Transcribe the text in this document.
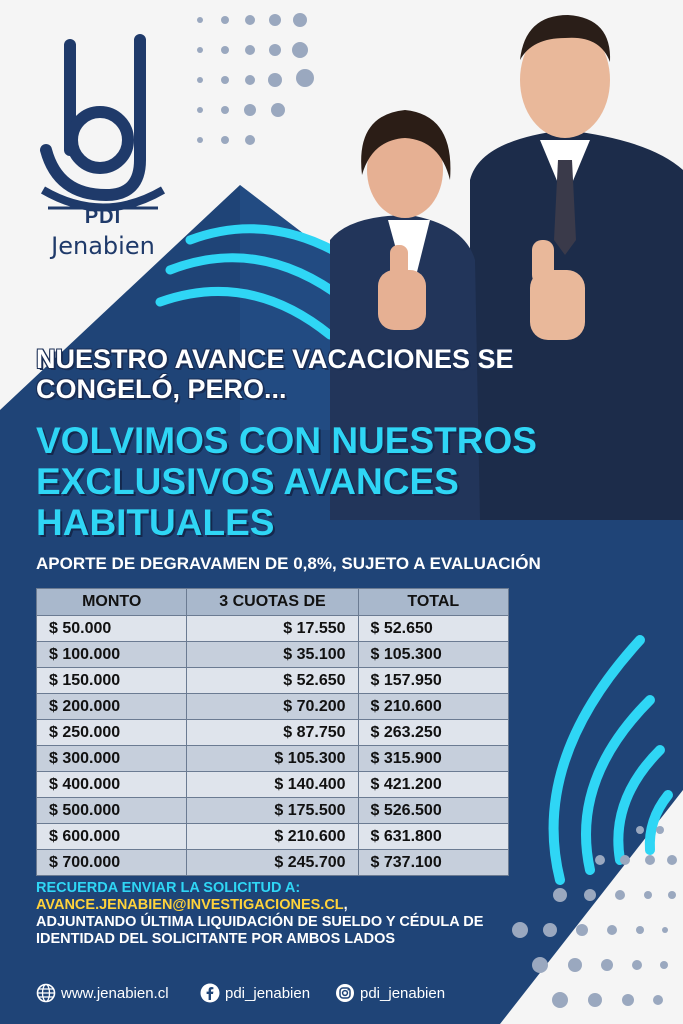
PDI
Jenabien
NUESTRO AVANCE VACACIONES SE CONGELÓ, PERO...
VOLVIMOS CON NUESTROS EXCLUSIVOS AVANCES HABITUALES
APORTE DE DEGRAVAMEN DE 0,8%, SUJETO A EVALUACIÓN
MONTO	3 CUOTAS DE	TOTAL
$ 50.000	$ 17.550	$ 52.650
$ 100.000	$ 35.100	$ 105.300
$ 150.000	$ 52.650	$ 157.950
$ 200.000	$ 70.200	$ 210.600
$ 250.000	$ 87.750	$ 263.250
$ 300.000	$ 105.300	$ 315.900
$ 400.000	$ 140.400	$ 421.200
$ 500.000	$ 175.500	$ 526.500
$ 600.000	$ 210.600	$ 631.800
$ 700.000	$ 245.700	$ 737.100
RECUERDA ENVIAR LA SOLICITUD A:
AVANCE.JENABIEN@INVESTIGACIONES.CL,
ADJUNTANDO ÚLTIMA LIQUIDACIÓN DE SUELDO Y CÉDULA DE IDENTIDAD DEL SOLICITANTE POR AMBOS LADOS
www.jenabien.cl	pdi_jenabien	pdi_jenabien
